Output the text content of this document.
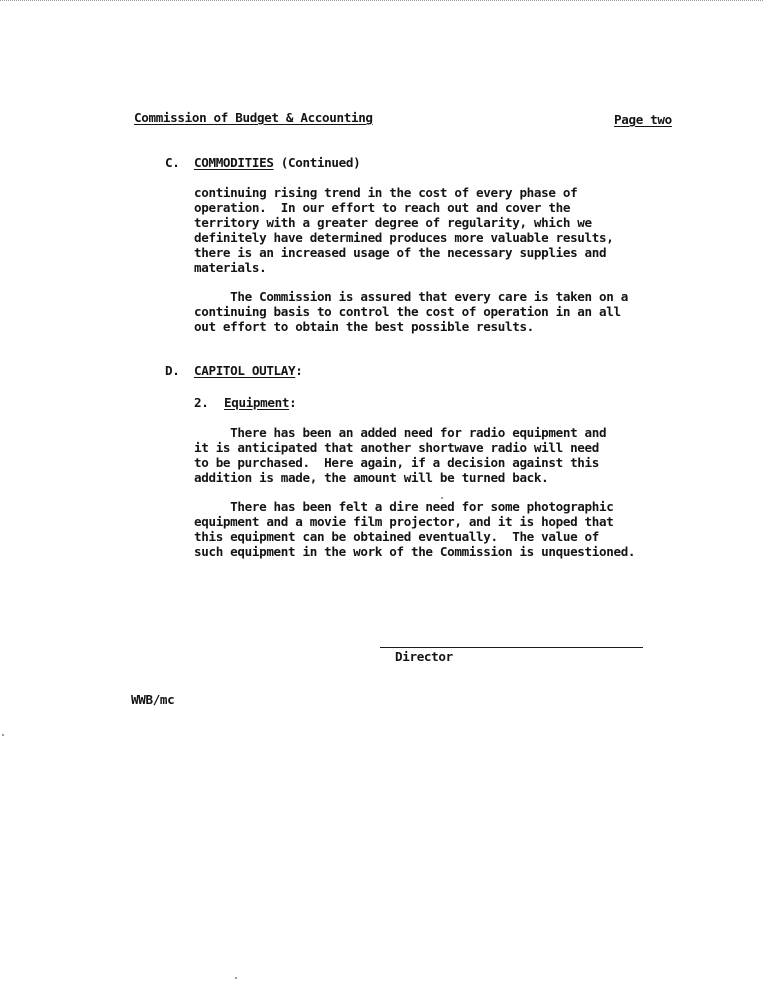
Commission of Budget & Accounting	Page two
C. COMMODITIES (Continued)
continuing rising trend in the cost of every phase of
operation.  In our effort to reach out and cover the
territory with a greater degree of regularity, which we
definitely have determined produces more valuable results,
there is an increased usage of the necessary supplies and
materials.
The Commission is assured that every care is taken on a
continuing basis to control the cost of operation in an all
out effort to obtain the best possible results.
D. CAPITOL OUTLAY:
2. Equipment:
There has been an added need for radio equipment and
it is anticipated that another shortwave radio will need
to be purchased.  Here again, if a decision against this
addition is made, the amount will be turned back.
There has been felt a dire need for some photographic
equipment and a movie film projector, and it is hoped that
this equipment can be obtained eventually.  The value of
such equipment in the work of the Commission is unquestioned.
Director
WWB/mc
